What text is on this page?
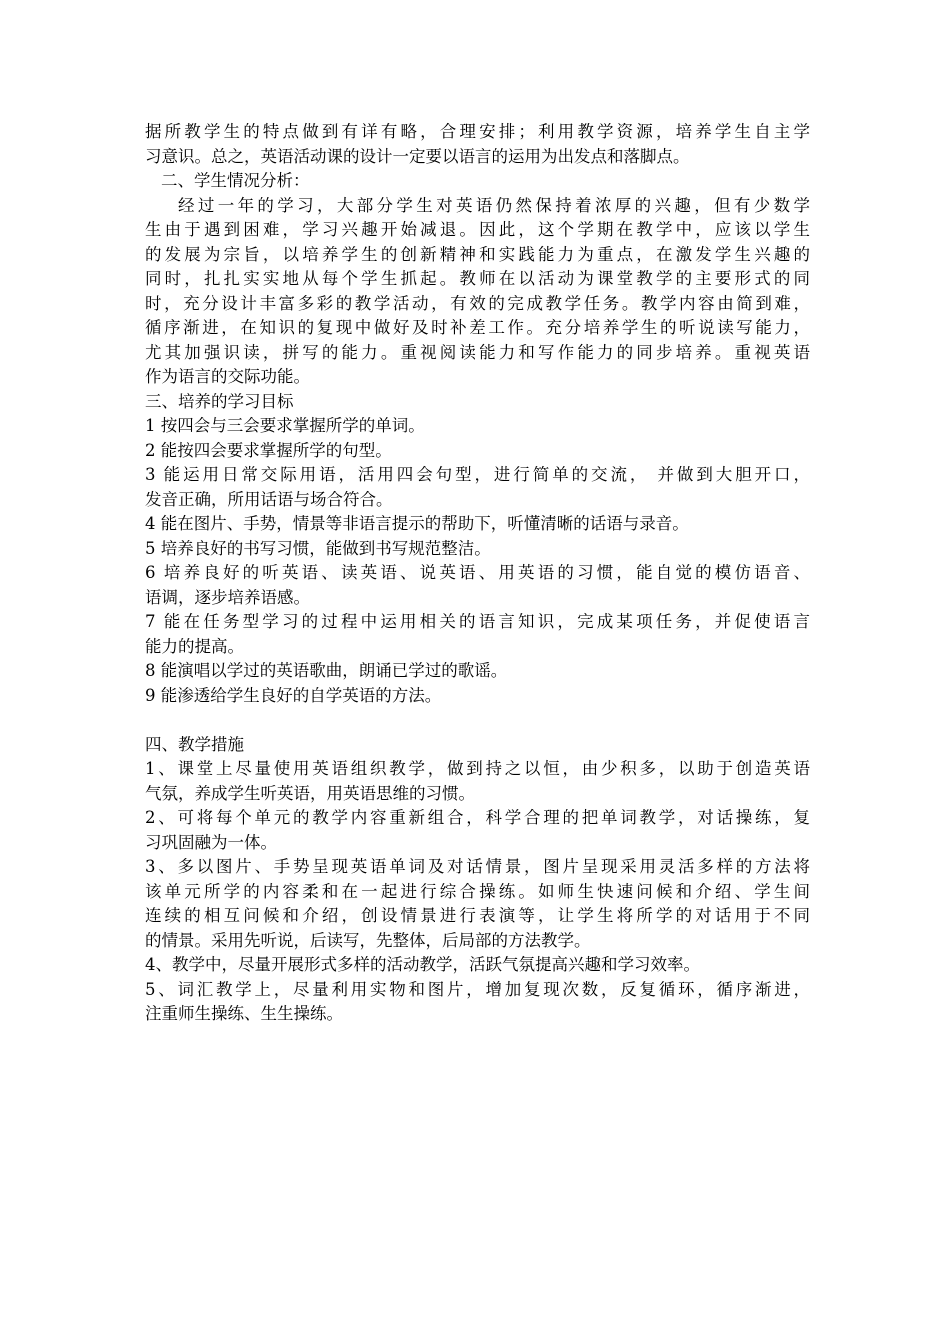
据所教学生的特点做到有详有略，合理安排；利用教学资源，培养学生自主学
习意识。总之，英语活动课的设计一定要以语言的运用为出发点和落脚点。
二、学生情况分析：
经过一年的学习，大部分学生对英语仍然保持着浓厚的兴趣，但有少数学
生由于遇到困难，学习兴趣开始减退。因此，这个学期在教学中，应该以学生
的发展为宗旨，以培养学生的创新精神和实践能力为重点，在激发学生兴趣的
同时，扎扎实实地从每个学生抓起。教师在以活动为课堂教学的主要形式的同
时，充分设计丰富多彩的教学活动，有效的完成教学任务。教学内容由简到难，
循序渐进，在知识的复现中做好及时补差工作。充分培养学生的听说读写能力，
尤其加强识读，拼写的能力。重视阅读能力和写作能力的同步培养。重视英语
作为语言的交际功能。
三、培养的学习目标
1 按四会与三会要求掌握所学的单词。
2 能按四会要求掌握所学的句型。
3 能运用日常交际用语，活用四会句型，进行简单的交流， 并做到大胆开口，
发音正确，所用话语与场合符合。
4 能在图片、手势，情景等非语言提示的帮助下，听懂清晰的话语与录音。
5 培养良好的书写习惯，能做到书写规范整洁。
6 培养良好的听英语、读英语、说英语、用英语的习惯，能自觉的模仿语音、
语调，逐步培养语感。
7 能在任务型学习的过程中运用相关的语言知识，完成某项任务，并促使语言
能力的提高。
8 能演唱以学过的英语歌曲，朗诵已学过的歌谣。
9 能渗透给学生良好的自学英语的方法。
四、教学措施
1、课堂上尽量使用英语组织教学，做到持之以恒，由少积多，以助于创造英语
气氛，养成学生听英语，用英语思维的习惯。
2、可将每个单元的教学内容重新组合，科学合理的把单词教学，对话操练，复
习巩固融为一体。
3、多以图片、手势呈现英语单词及对话情景，图片呈现采用灵活多样的方法将
该单元所学的内容柔和在一起进行综合操练。如师生快速问候和介绍、学生间
连续的相互问候和介绍，创设情景进行表演等，让学生将所学的对话用于不同
的情景。采用先听说，后读写，先整体，后局部的方法教学。
4、教学中，尽量开展形式多样的活动教学，活跃气氛提高兴趣和学习效率。
5、词汇教学上，尽量利用实物和图片，增加复现次数，反复循环，循序渐进，
注重师生操练、生生操练。
